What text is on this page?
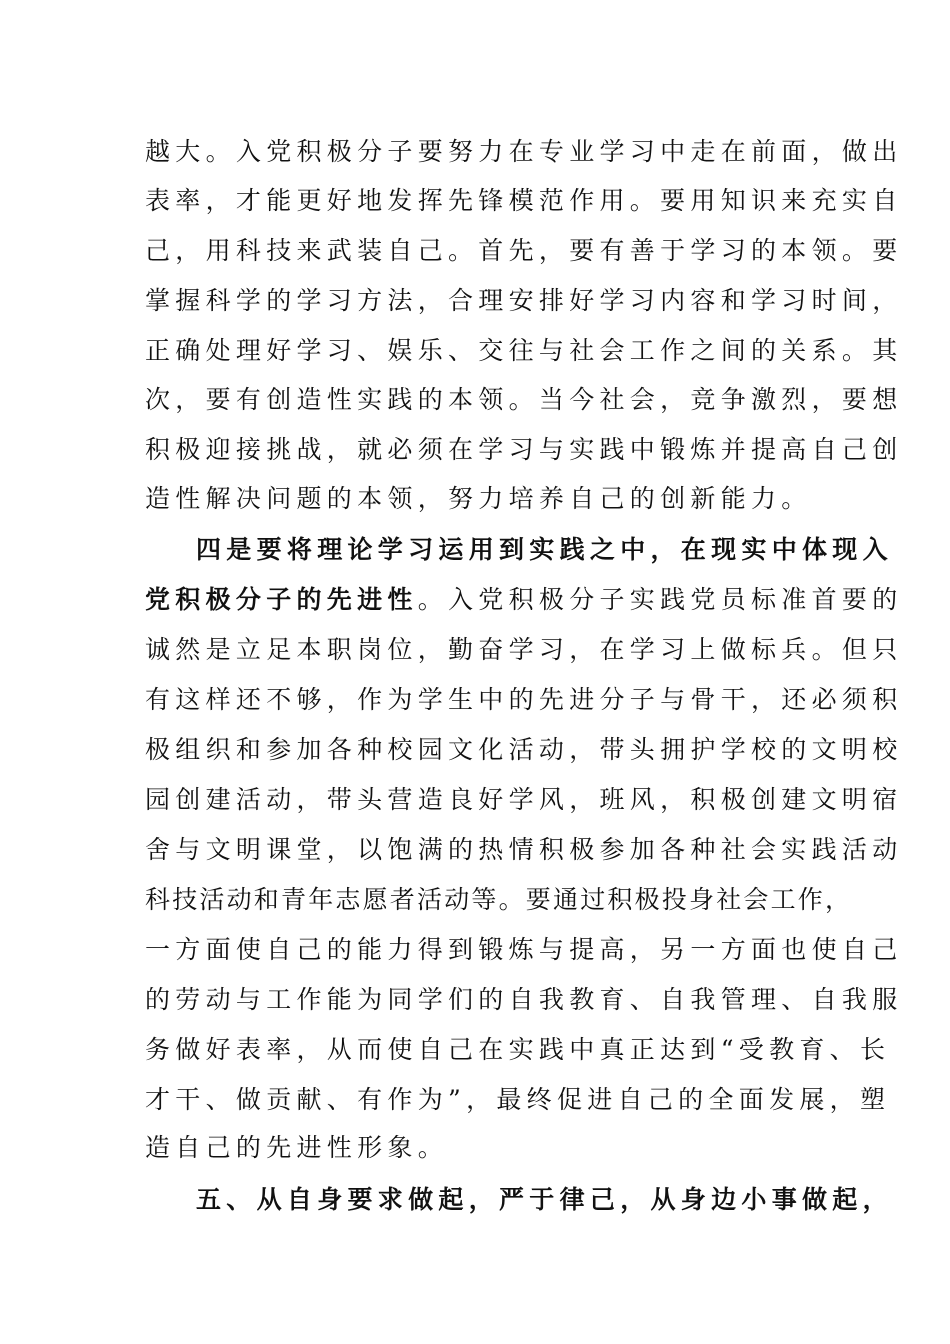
越大。入党积极分子要努力在专业学习中走在前面，做出
表率，才能更好地发挥先锋模范作用。要用知识来充实自
己，用科技来武装自己。首先，要有善于学习的本领。要
掌握科学的学习方法，合理安排好学习内容和学习时间，
正确处理好学习、娱乐、交往与社会工作之间的关系。其
次，要有创造性实践的本领。当今社会，竞争激烈，要想
积极迎接挑战，就必须在学习与实践中锻炼并提高自己创
造性解决问题的本领，努力培养自己的创新能力。
四是要将理论学习运用到实践之中，在现实中体现入
党积极分子的先进性。入党积极分子实践党员标准首要的
诚然是立足本职岗位，勤奋学习，在学习上做标兵。但只
有这样还不够，作为学生中的先进分子与骨干，还必须积
极组织和参加各种校园文化活动，带头拥护学校的文明校
园创建活动，带头营造良好学风，班风，积极创建文明宿
舍与文明课堂，以饱满的热情积极参加各种社会实践活动
科技活动和青年志愿者活动等。要通过积极投身社会工作，
一方面使自己的能力得到锻炼与提高，另一方面也使自己
的劳动与工作能为同学们的自我教育、自我管理、自我服
务做好表率，从而使自己在实践中真正达到“受教育、长
才干、做贡献、有作为”，最终促进自己的全面发展，塑
造自己的先进性形象。
五、从自身要求做起，严于律己，从身边小事做起，
